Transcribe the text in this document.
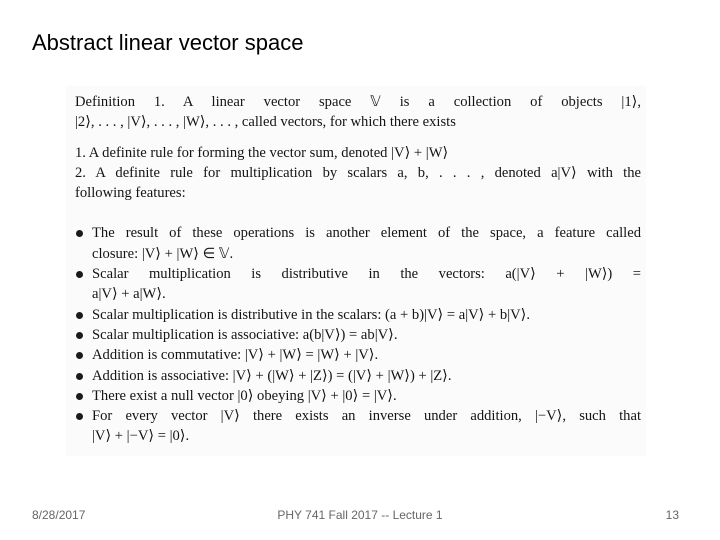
Abstract linear vector space

Definition 1. A linear vector space 𝕍 is a collection of objects |1⟩,

|2⟩, . . . , |V⟩, . . . , |W⟩, . . . , called vectors, for which there exists

1. A definite rule for forming the vector sum, denoted |V⟩ + |W⟩

2. A definite rule for multiplication by scalars a, b, . . . , denoted a|V⟩ with the

following features:

The result of these operations is another element of the space, a feature called

closure: |V⟩ + |W⟩ ∈ 𝕍.

Scalar multiplication is distributive in the vectors: a(|V⟩ + |W⟩) =

a|V⟩ + a|W⟩.

Scalar multiplication is distributive in the scalars: (a + b)|V⟩ = a|V⟩ + b|V⟩.

Scalar multiplication is associative: a(b|V⟩) = ab|V⟩.

Addition is commutative: |V⟩ + |W⟩ = |W⟩ + |V⟩.

Addition is associative: |V⟩ + (|W⟩ + |Z⟩) = (|V⟩ + |W⟩) + |Z⟩.

There exist a null vector |0⟩ obeying |V⟩ + |0⟩ = |V⟩.

For every vector |V⟩ there exists an inverse under addition, |−V⟩, such that

|V⟩ + |−V⟩ = |0⟩.

8/28/2017	PHY 741 Fall 2017 -- Lecture 1	13
